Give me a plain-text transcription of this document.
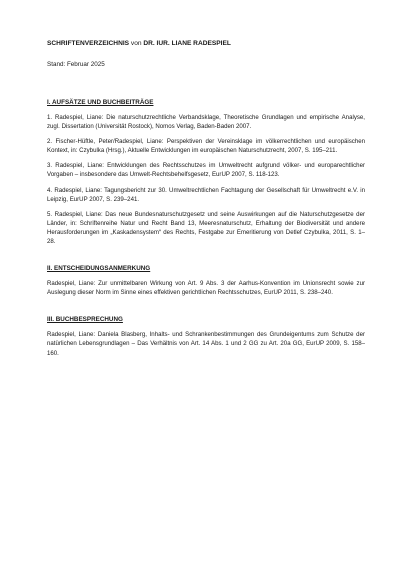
SCHRIFTENVERZEICHNIS von DR. IUR. LIANE RADESPIEL

Stand: Februar 2025

I. AUFSÄTZE UND BUCHBEITRÄGE

1. Radespiel, Liane: Die naturschutzrechtliche Verbandsklage, Theoretische Grundlagen und empirische Analyse, zugl. Dissertation (Universität Rostock), Nomos Verlag, Baden-Baden 2007.

2. Fischer-Hüftle, Peter/Radespiel, Liane: Perspektiven der Vereinsklage im völkerrechtlichen und europäischen Kontext, in: Czybulka (Hrsg.), Aktuelle Entwicklungen im europäischen Naturschutzrecht, 2007, S. 195–211.

3. Radespiel, Liane: Entwicklungen des Rechtsschutzes im Umweltrecht aufgrund völker- und europarechtlicher Vorgaben – insbesondere das Umwelt-Rechtsbehelfsgesetz, EurUP 2007, S. 118-123.

4. Radespiel, Liane: Tagungsbericht zur 30. Umweltrechtlichen Fachtagung der Gesellschaft für Umweltrecht e.V. in Leipzig, EurUP 2007, S. 239–241.

5. Radespiel, Liane: Das neue Bundesnaturschutzgesetz und seine Auswirkungen auf die Naturschutzgesetze der Länder, in: Schriftenreihe Natur und Recht Band 13, Meeresnaturschutz, Erhaltung der Biodiversität und andere Herausforderungen im „Kaskadensystem“ des Rechts, Festgabe zur Emeritierung von Detlef Czybulka, 2011, S. 1–28.

II. ENTSCHEIDUNGSANMERKUNG

Radespiel, Liane: Zur unmittelbaren Wirkung von Art. 9 Abs. 3 der Aarhus-Konvention im Unionsrecht sowie zur Auslegung dieser Norm im Sinne eines effektiven gerichtlichen Rechtsschutzes, EurUP 2011, S. 238–240.

III. BUCHBESPRECHUNG

Radespiel, Liane: Daniela Blasberg, Inhalts- und Schrankenbestimmungen des Grundeigentums zum Schutze der natürlichen Lebensgrundlagen – Das Verhältnis von Art. 14 Abs. 1 und 2 GG zu Art. 20a GG, EurUP 2009, S. 158–160.
